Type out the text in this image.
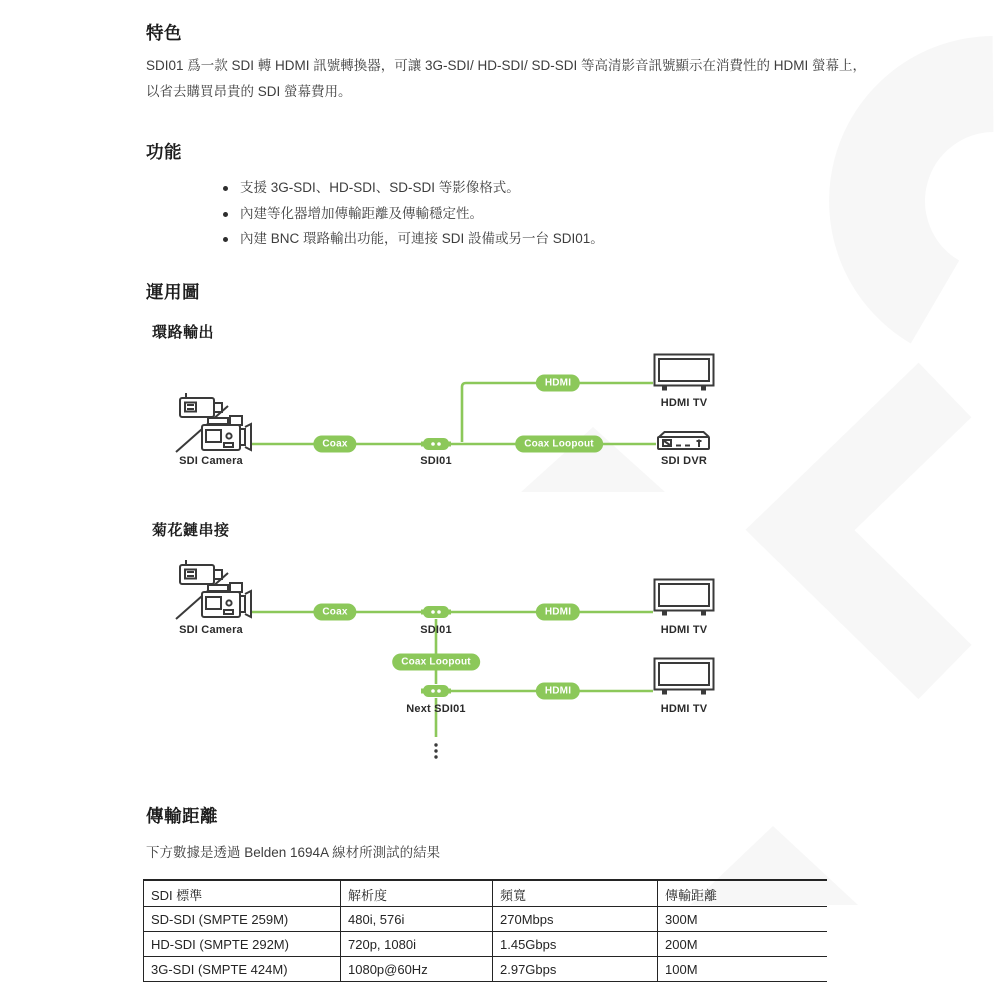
特色
SDI01 爲一款 SDI 轉 HDMI 訊號轉換器，可讓 3G-SDI/ HD-SDI/ SD-SDI 等高清影音訊號顯示在消費性的 HDMI 螢幕上，
以省去購買昂貴的 SDI 螢幕費用。
功能
支援 3G-SDI、HD-SDI、SD-SDI 等影像格式。
內建等化器增加傳輸距離及傳輸穩定性。
內建 BNC 環路輸出功能，可連接 SDI 設備或另一台 SDI01。
運用圖
環路輸出
Coax
HDMI
Coax Loopout
SDI Camera	SDI01
HDMI TV
SDI DVR
菊花鏈串接
Coax	HDMI
Coax Loopout
HDMI
SDI Camera	SDI01	HDMI TV
Next SDI01	HDMI TV
傳輸距離
下方數據是透過 Belden 1694A 線材所測試的結果
SDI 標準	解析度	頻寬	傳輸距離
SD-SDI (SMPTE 259M)	480i, 576i	270Mbps	300M
HD-SDI (SMPTE 292M)	720p, 1080i	1.45Gbps	200M
3G-SDI (SMPTE 424M)	1080p@60Hz	2.97Gbps	100M
